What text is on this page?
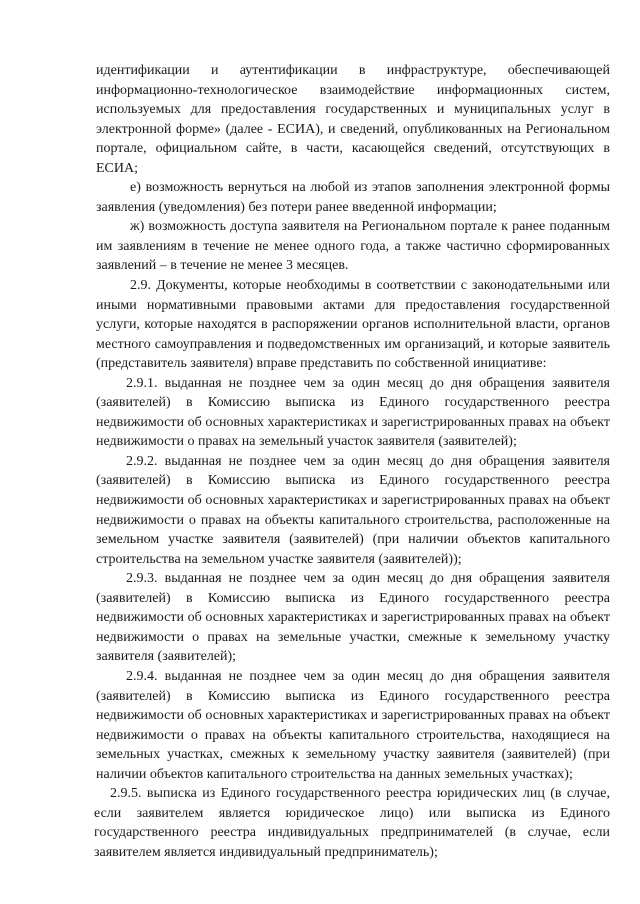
идентификации и аутентификации в инфраструктуре, обеспечивающей информационно-технологическое взаимодействие информационных систем, используемых для предоставления государственных и муниципальных услуг в электронной форме» (далее - ЕСИА), и сведений, опубликованных на Региональном портале, официальном сайте, в части, касающейся сведений, отсутствующих в ЕСИА;

е) возможность вернуться на любой из этапов заполнения электронной формы заявления (уведомления) без потери ранее введенной информации;

ж) возможность доступа заявителя на Региональном портале к ранее поданным им заявлениям в течение не менее одного года, а также частично сформированных заявлений – в течение не менее 3 месяцев.

2.9. Документы, которые необходимы в соответствии с законодательными или иными нормативными правовыми актами для предоставления государственной услуги, которые находятся в распоряжении органов исполнительной власти, органов местного самоуправления и подведомственных им организаций, и которые заявитель (представитель заявителя) вправе представить по собственной инициативе:

2.9.1. выданная не позднее чем за один месяц до дня обращения заявителя (заявителей) в Комиссию выписка из Единого государственного реестра недвижимости об основных характеристиках и зарегистрированных правах на объект недвижимости о правах на земельный участок заявителя (заявителей);

2.9.2. выданная не позднее чем за один месяц до дня обращения заявителя (заявителей) в Комиссию выписка из Единого государственного реестра недвижимости об основных характеристиках и зарегистрированных правах на объект недвижимости о правах на объекты капитального строительства, расположенные на земельном участке заявителя (заявителей) (при наличии объектов капитального строительства на земельном участке заявителя (заявителей));

2.9.3. выданная не позднее чем за один месяц до дня обращения заявителя (заявителей) в Комиссию выписка из Единого государственного реестра недвижимости об основных характеристиках и зарегистрированных правах на объект недвижимости о правах на земельные участки, смежные к земельному участку заявителя (заявителей);

2.9.4. выданная не позднее чем за один месяц до дня обращения заявителя (заявителей) в Комиссию выписка из Единого государственного реестра недвижимости об основных характеристиках и зарегистрированных правах на объект недвижимости о правах на объекты капитального строительства, находящиеся на земельных участках, смежных к земельному участку заявителя (заявителей) (при наличии объектов капитального строительства на данных земельных участках);

2.9.5. выписка из Единого государственного реестра юридических лиц (в случае, если заявителем является юридическое лицо) или выписка из Единого государственного реестра индивидуальных предпринимателей (в случае, если заявителем является индивидуальный предприниматель);
